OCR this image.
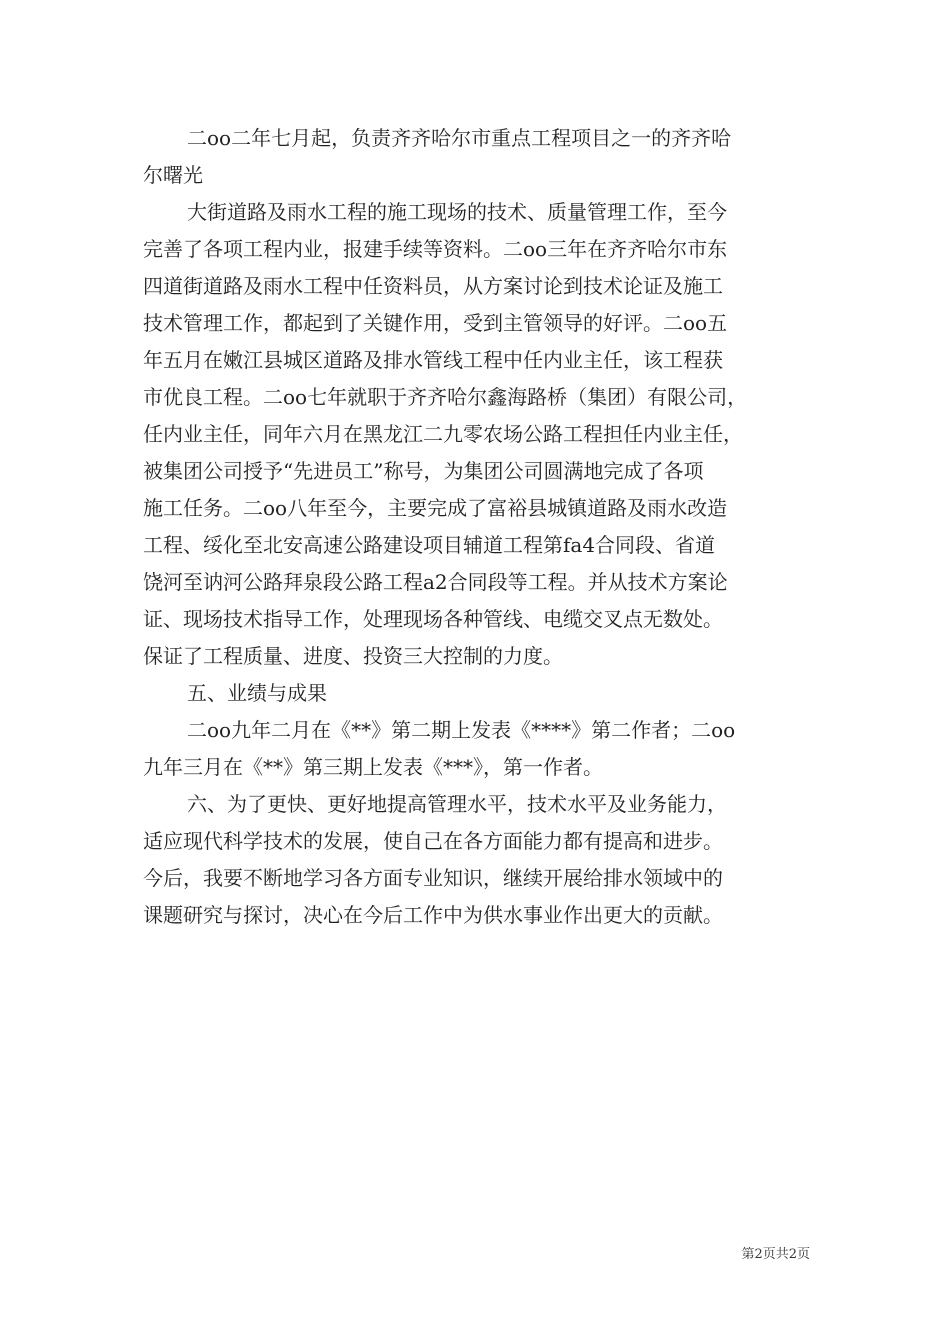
二oo二年七月起，负责齐齐哈尔市重点工程项目之一的齐齐哈
尔曙光
大街道路及雨水工程的施工现场的技术、质量管理工作，至今
完善了各项工程内业，报建手续等资料。二oo三年在齐齐哈尔市东
四道街道路及雨水工程中任资料员，从方案讨论到技术论证及施工
技术管理工作，都起到了关键作用，受到主管领导的好评。二oo五
年五月在嫩江县城区道路及排水管线工程中任内业主任，该工程获
市优良工程。二oo七年就职于齐齐哈尔鑫海路桥（集团）有限公司，
任内业主任，同年六月在黑龙江二九零农场公路工程担任内业主任，
被集团公司授予“先进员工”称号，为集团公司圆满地完成了各项
施工任务。二oo八年至今，主要完成了富裕县城镇道路及雨水改造
工程、绥化至北安高速公路建设项目辅道工程第fa4合同段、省道
饶河至讷河公路拜泉段公路工程a2合同段等工程。并从技术方案论
证、现场技术指导工作，处理现场各种管线、电缆交叉点无数处。
保证了工程质量、进度、投资三大控制的力度。
五、业绩与成果
二oo九年二月在《**》第二期上发表《****》第二作者；二oo
九年三月在《**》第三期上发表《***》，第一作者。
六、为了更快、更好地提高管理水平，技术水平及业务能力，
适应现代科学技术的发展，使自己在各方面能力都有提高和进步。
今后，我要不断地学习各方面专业知识，继续开展给排水领域中的
课题研究与探讨，决心在今后工作中为供水事业作出更大的贡献。
第2页共2页
